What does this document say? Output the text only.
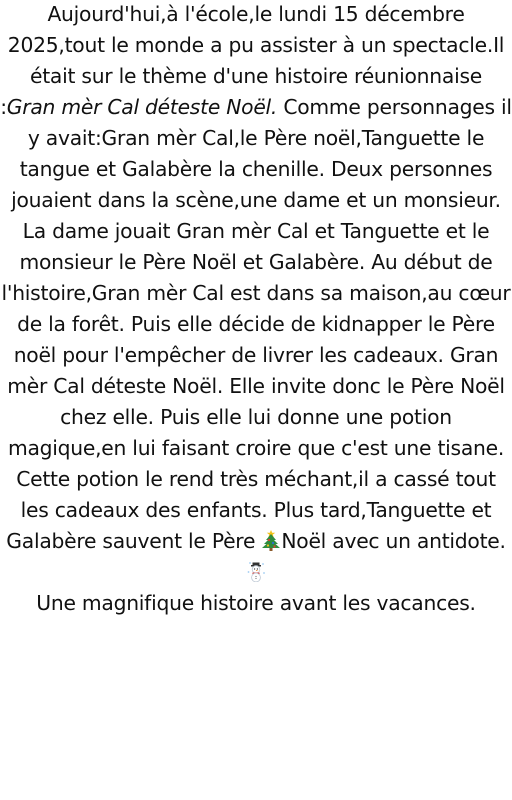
Aujourd'hui,à l'école,le lundi 15 décembre 2025,tout le monde a pu assister à un spectacle.Il était sur le thème d'une histoire réunionnaise :Gran mèr Cal déteste Noël. Comme personnages il y avait:Gran mèr Cal,le Père noël,Tanguette le tangue et Galabère la chenille. Deux personnes jouaient dans la scène,une dame et un monsieur. La dame jouait Gran mèr Cal et Tanguette et le monsieur le Père Noël et Galabère. Au début de l'histoire,Gran mèr Cal est dans sa maison,au cœur de la forêt. Puis elle décide de kidnapper le Père noël pour l'empêcher de livrer les cadeaux. Gran mèr Cal déteste Noël. Elle invite donc le Père Noël chez elle. Puis elle lui donne une potion magique,en lui faisant croire que c'est une tisane. Cette potion le rend très méchant,il a cassé tout les cadeaux des enfants. Plus tard,Tanguette et Galabère sauvent le Père Noël avec un antidote.

Une magnifique histoire avant les vacances.
